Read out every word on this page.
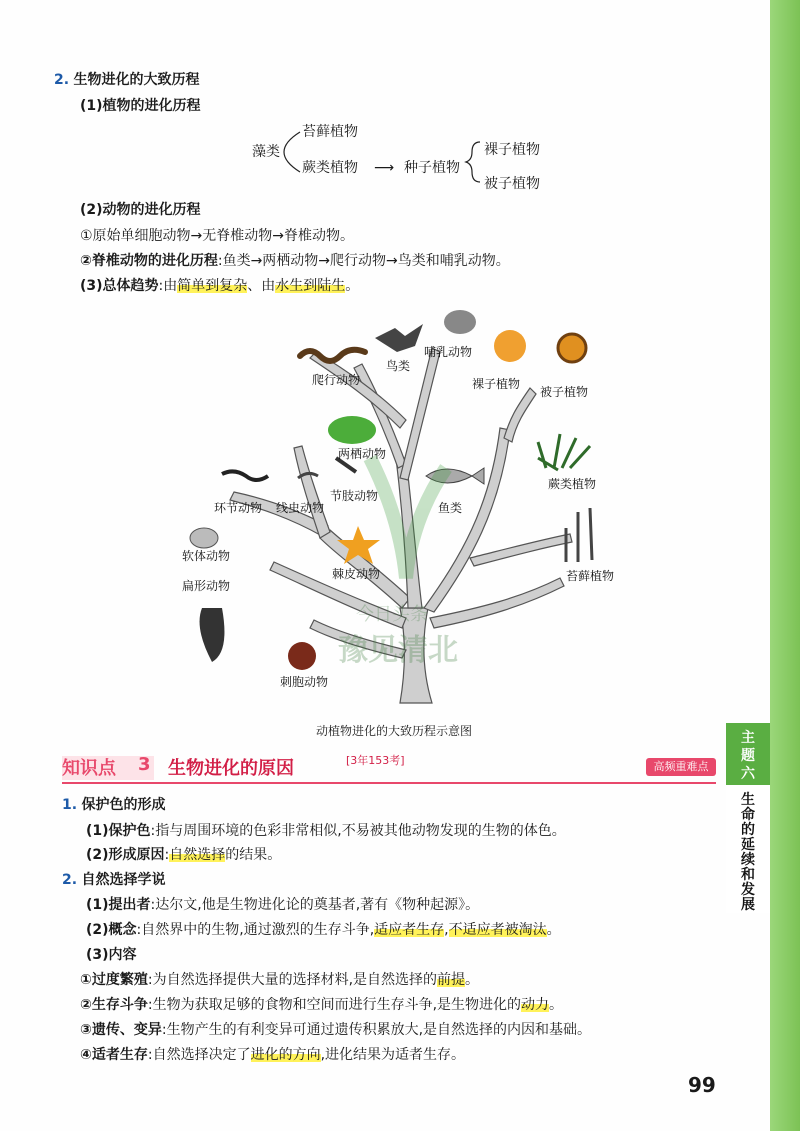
2. 生物进化的大致历程
(1)植物的进化历程
藻类
苔藓植物
蕨类植物 ⟶ 种子植物
裸子植物
被子植物
(2)动物的进化历程
①原始单细胞动物→无脊椎动物→脊椎动物。
②脊椎动物的进化历程:鱼类→两栖动物→爬行动物→鸟类和哺乳动物。
(3)总体趋势:由简单到复杂、由水生到陆生。
爬行动物
鸟类
哺乳动物
裸子植物
被子植物
两栖动物
蕨类植物
节肢动物
环节动物 线虫动物	鱼类
软体动物
扁形动物
棘皮动物	苔藓植物
刺胞动物
今日头条
豫见清北
动植物进化的大致历程示意图
知识点 3 生物进化的原因	[3年153考]	高频重难点
1. 保护色的形成
(1)保护色:指与周围环境的色彩非常相似,不易被其他动物发现的生物的体色。
(2)形成原因:自然选择的结果。
2. 自然选择学说
(1)提出者:达尔文,他是生物进化论的奠基者,著有《物种起源》。
(2)概念:自然界中的生物,通过激烈的生存斗争,适应者生存,不适应者被淘汰。
(3)内容
①过度繁殖:为自然选择提供大量的选择材料,是自然选择的前提。
②生存斗争:生物为获取足够的食物和空间而进行生存斗争,是生物进化的动力。
③遗传、变异:生物产生的有利变异可通过遗传积累放大,是自然选择的内因和基础。
④适者生存:自然选择决定了进化的方向,进化结果为适者生存。
99
主
题
六
生
命
的
延
续
和
发
展
